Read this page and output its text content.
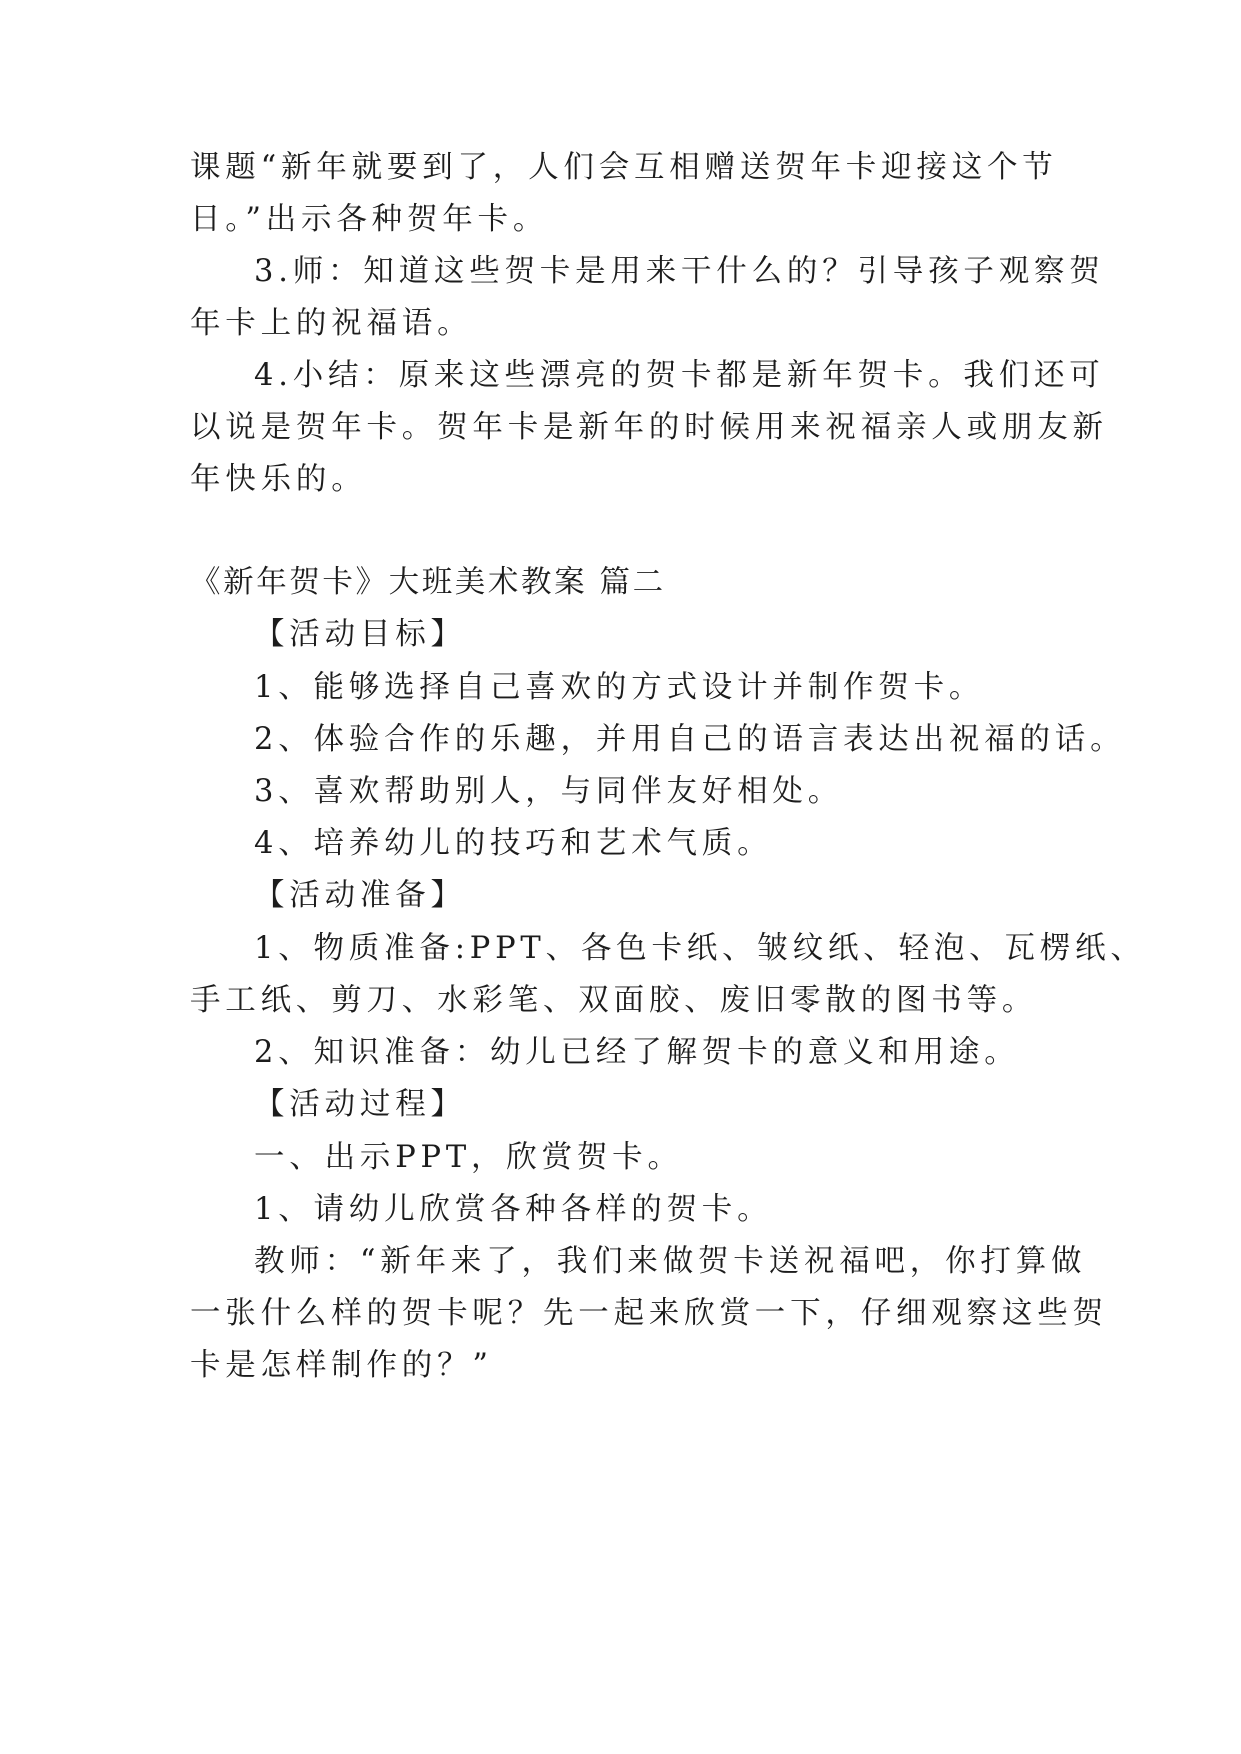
课题“新年就要到了，人们会互相赠送贺年卡迎接这个节
日。”出示各种贺年卡。
3.师：知道这些贺卡是用来干什么的？引导孩子观察贺
年卡上的祝福语。
4.小结：原来这些漂亮的贺卡都是新年贺卡。我们还可
以说是贺年卡。贺年卡是新年的时候用来祝福亲人或朋友新
年快乐的。
《新年贺卡》大班美术教案 篇二
【活动目标】
1、能够选择自己喜欢的方式设计并制作贺卡。
2、体验合作的乐趣，并用自己的语言表达出祝福的话。
3、喜欢帮助别人，与同伴友好相处。
4、培养幼儿的技巧和艺术气质。
【活动准备】
1、物质准备:PPT、各色卡纸、皱纹纸、轻泡、瓦楞纸、
手工纸、剪刀、水彩笔、双面胶、废旧零散的图书等。
2、知识准备：幼儿已经了解贺卡的意义和用途。
【活动过程】
一、出示PPT，欣赏贺卡。
1、请幼儿欣赏各种各样的贺卡。
教师：“新年来了，我们来做贺卡送祝福吧，你打算做
一张什么样的贺卡呢？先一起来欣赏一下，仔细观察这些贺
卡是怎样制作的？”
